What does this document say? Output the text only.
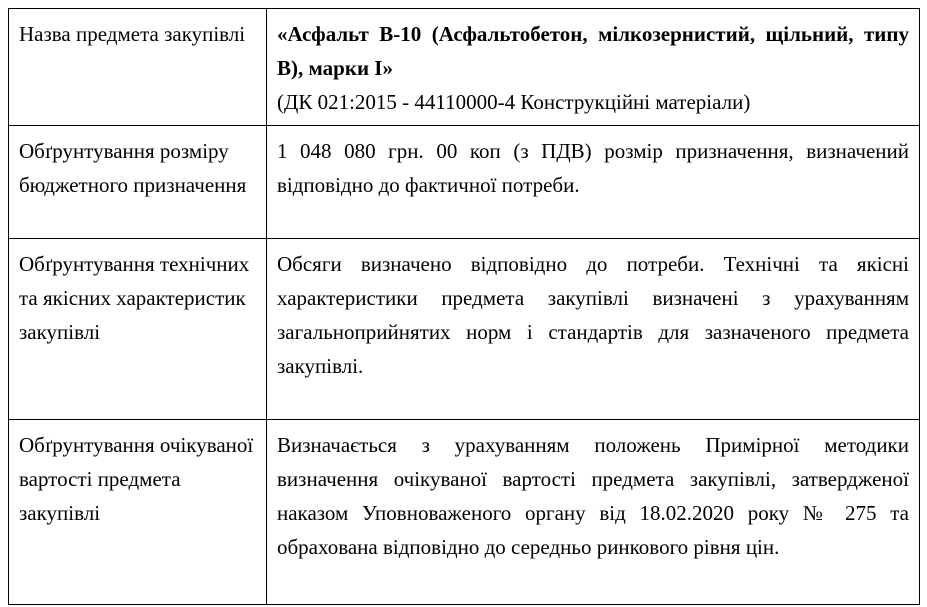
Назва предмета закупівлі	«Асфальт В-10 (Асфальтобетон, мілкозернистий, щільний, типу В), марки І»
(ДК 021:2015 - 44110000-4 Конструкційні матеріали)

Обґрунтування розміру бюджетного призначення	1 048 080 грн. 00 коп (з ПДВ) розмір призначення, визначений відповідно до фактичної потреби.
Обґрунтування технічних та якісних характеристик закупівлі	Обсяги визначено відповідно до потреби. Технічні та якісні характеристики предмета закупівлі визначені з урахуванням загальноприйнятих норм і стандартів для зазначеного предмета закупівлі.
Обґрунтування очікуваної вартості предмета закупівлі	Визначається з урахуванням положень Примірної методики визначення очікуваної вартості предмета закупівлі, затвердженої наказом Уповноваженого органу від 18.02.2020 року № 275 та обрахована відповідно до середньо ринкового рівня цін.
